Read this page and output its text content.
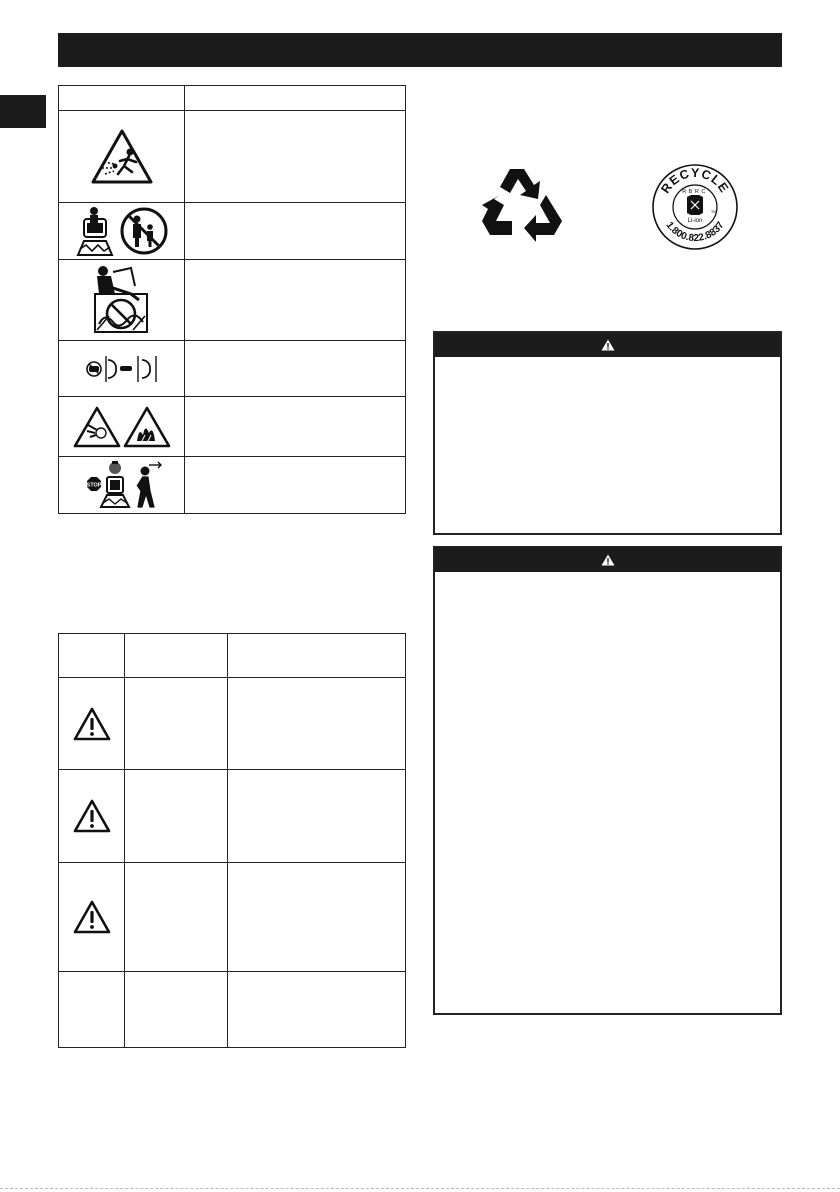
STOP
RECYCLE
1.800.822.8837
RBRC
Li-ion
TM
